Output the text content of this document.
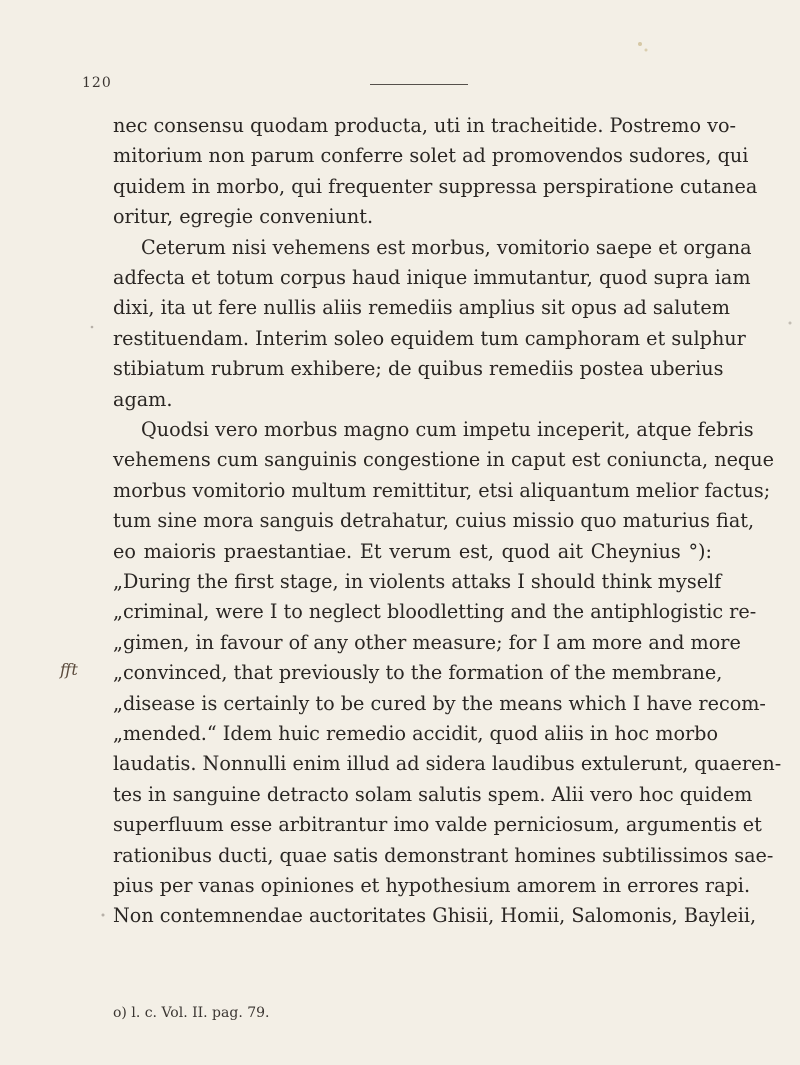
120
nec consensu quodam producta, uti in tracheitide. Postremo vo-
mitorium non parum conferre solet ad promovendos sudores, qui
quidem in morbo, qui frequenter suppressa perspiratione cutanea
oritur, egregie conveniunt.
Ceterum nisi vehemens est morbus, vomitorio saepe et organa
adfecta et totum corpus haud inique immutantur, quod supra iam
dixi, ita ut fere nullis aliis remediis amplius sit opus ad salutem
restituendam. Interim soleo equidem tum camphoram et sulphur
stibiatum rubrum exhibere; de quibus remediis postea uberius
agam.
Quodsi vero morbus magno cum impetu inceperit, atque febris
vehemens cum sanguinis congestione in caput est coniuncta, neque
morbus vomitorio multum remittitur, etsi aliquantum melior factus;
tum sine mora sanguis detrahatur, cuius missio quo maturius fiat,
eo maioris praestantiae. Et verum est, quod ait Cheynius °):
„During the first stage, in violents attaks I should think myself
„criminal, were I to neglect bloodletting and the antiphlogistic re-
„gimen, in favour of any other measure; for I am more and more
„convinced, that previously to the formation of the membrane,
„disease is certainly to be cured by the means which I have recom-
„mended.“ Idem huic remedio accidit, quod aliis in hoc morbo
laudatis. Nonnulli enim illud ad sidera laudibus extulerunt, quaeren-
tes in sanguine detracto solam salutis spem. Alii vero hoc quidem
superfluum esse arbitrantur imo valde perniciosum, argumentis et
rationibus ducti, quae satis demonstrant homines subtilissimos sae-
pius per vanas opiniones et hypothesium amorem in errores rapi.
Non contemnendae auctoritates Ghisii, Homii, Salomonis, Bayleii,
ﬀt
o) l. c. Vol. II. pag. 79.
